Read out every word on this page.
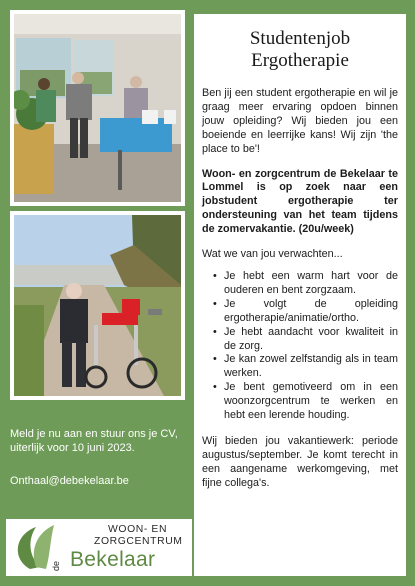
Studentenjob
Ergotherapie

Ben jij een student ergotherapie en wil je graag meer ervaring opdoen binnen jouw opleiding? Wij bieden jou een boeiende en leerrijke kans! Wij zijn 'the place to be'!

Woon- en zorgcentrum de Bekelaar te Lommel is op zoek naar een jobstudent ergotherapie ter ondersteuning van het team tijdens de zomervakantie. (20u/week)

Wat we van jou verwachten...

• Je hebt een warm hart voor de ouderen en bent zorgzaam.
• Je volgt de opleiding ergotherapie/animatie/ortho.
• Je hebt aandacht voor kwaliteit in de zorg.
• Je kan zowel zelfstandig als in team werken.
• Je bent gemotiveerd om in een woonzorgcentrum te werken en hebt een lerende houding.

Wij bieden jou vakantiewerk: periode augustus/september. Je komt terecht in een aangename werkomgeving, met fijne collega's.

Meld je nu aan en stuur ons je CV, uiterlijk voor 10 juni 2023.
Onthaal@debekelaar.be
WOON- EN
ZORGCENTRUM
de Bekelaar
